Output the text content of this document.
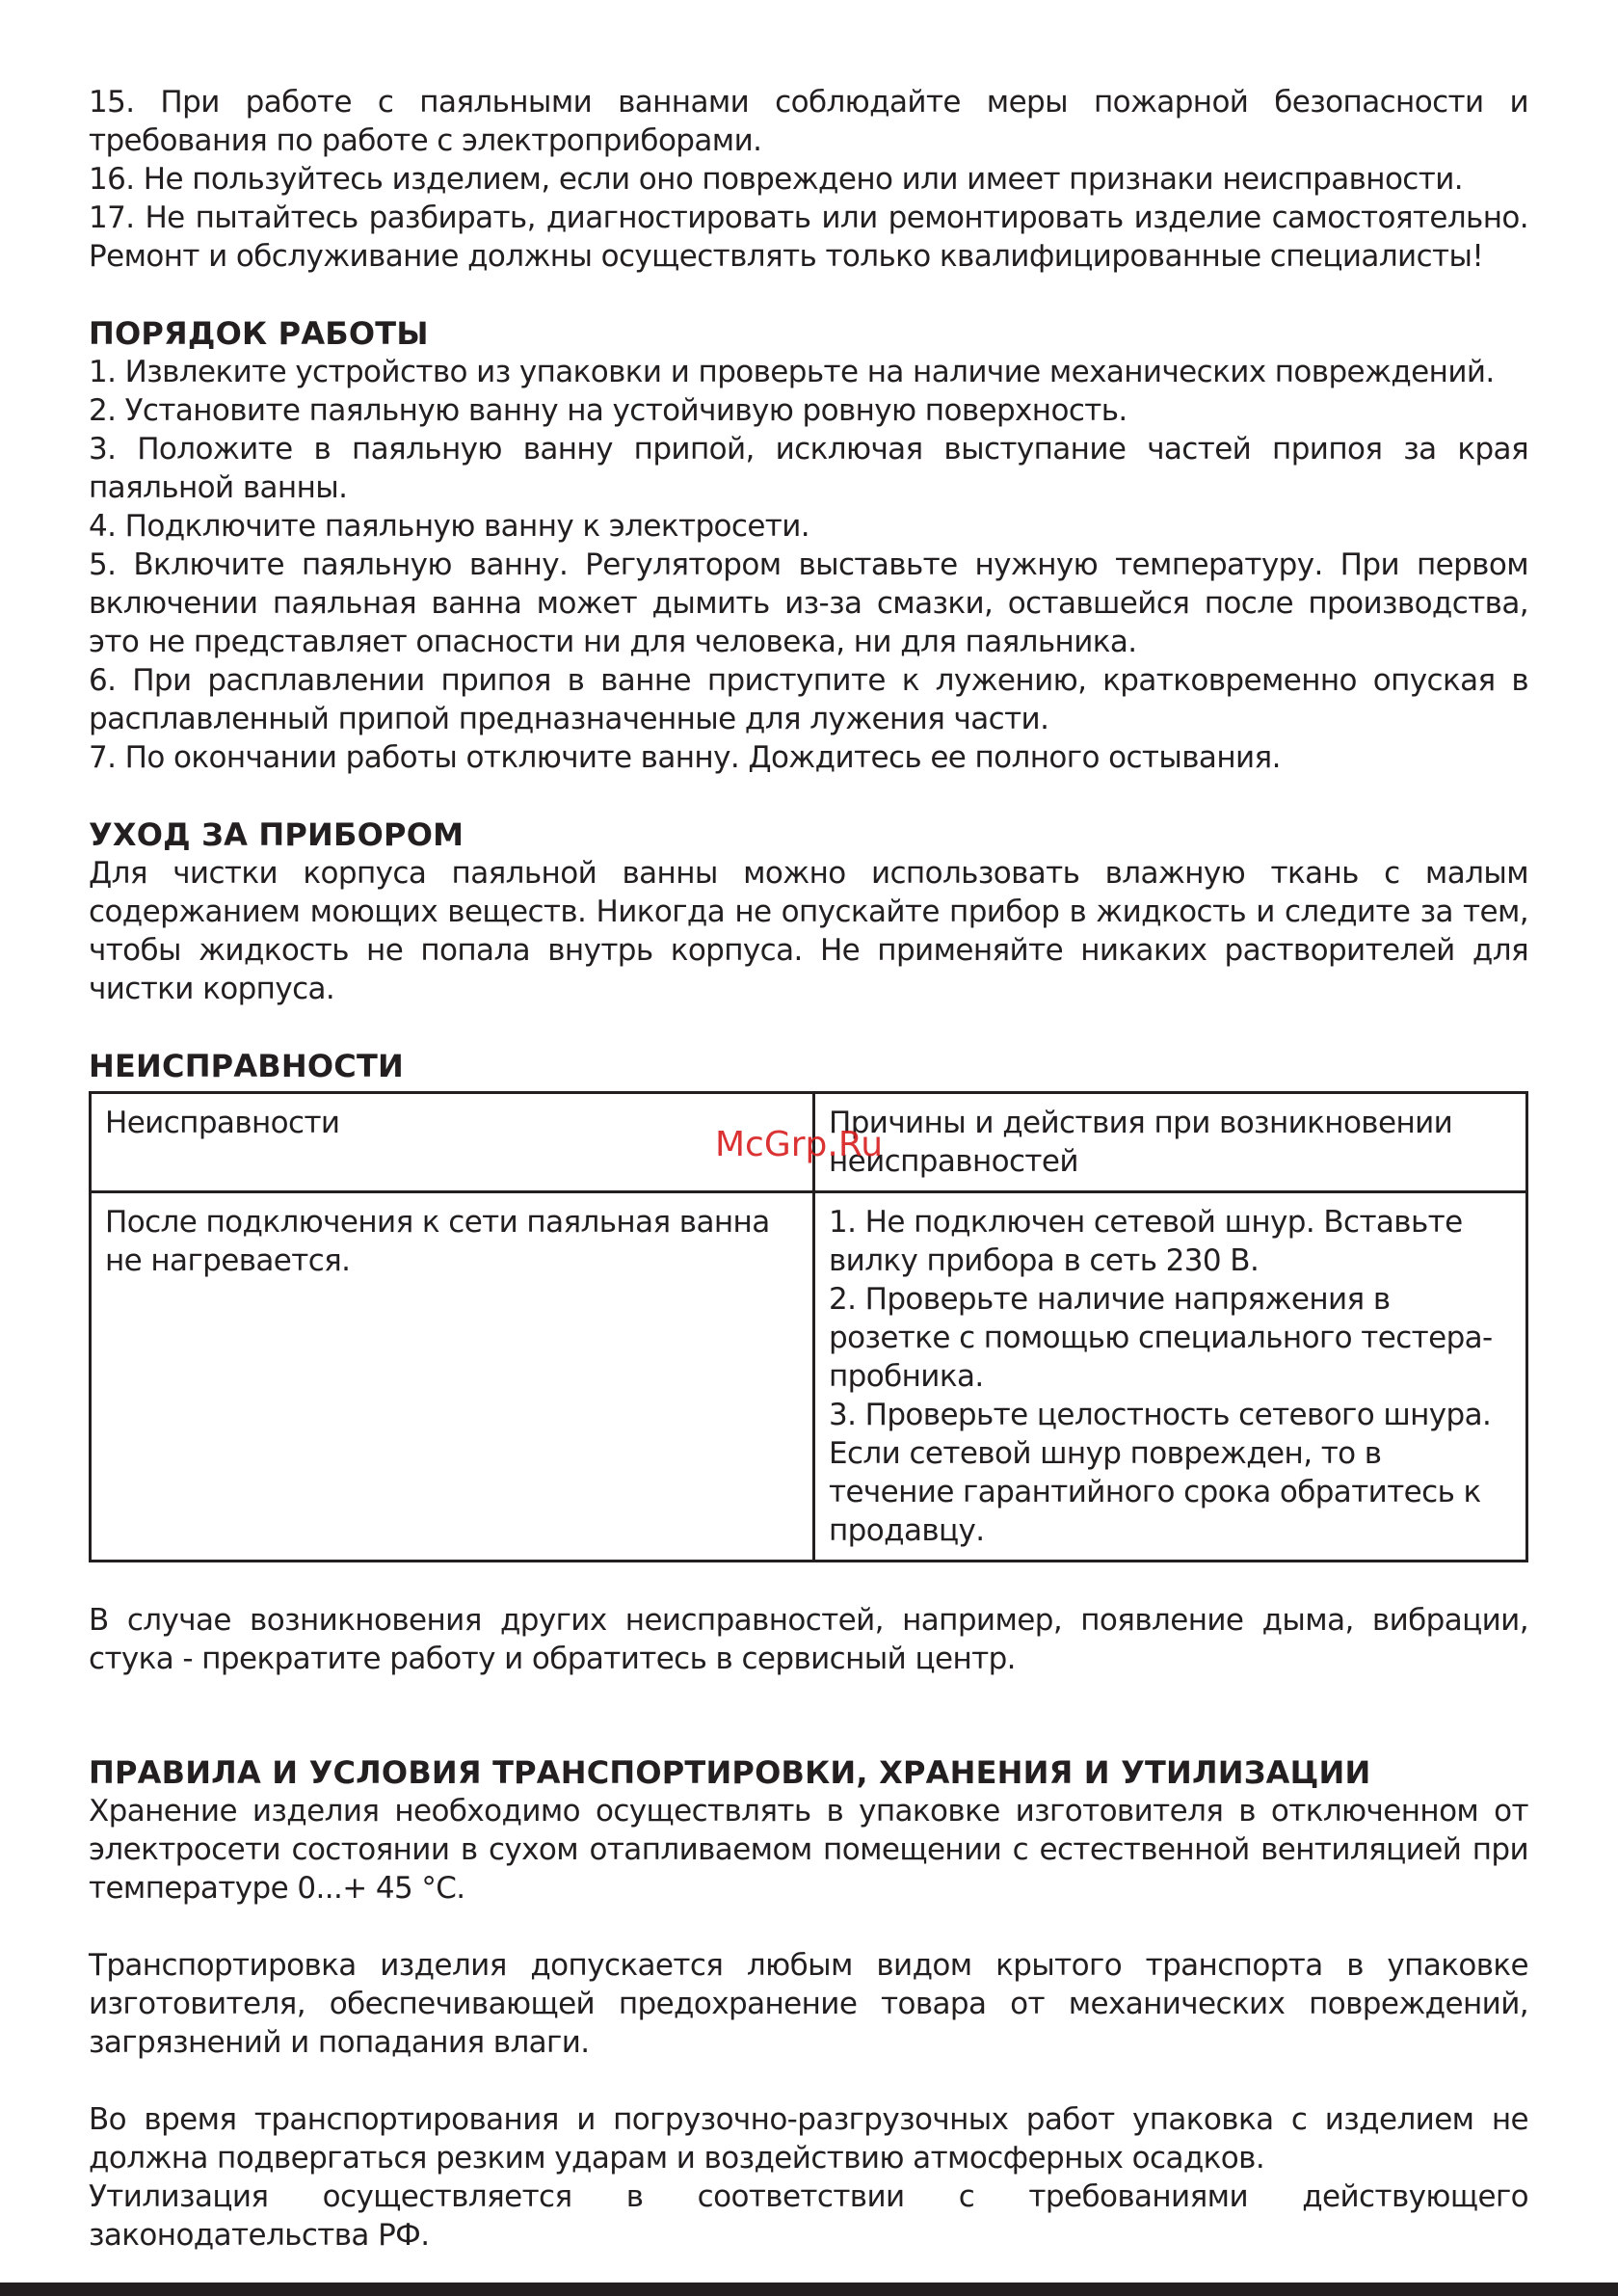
15. При работе с паяльными ваннами соблюдайте меры пожарной безопасности и требования по работе с электроприборами.

16. Не пользуйтесь изделием, если оно повреждено или имеет признаки неисправности.

17. Не пытайтесь разбирать, диагностировать или ремонтировать изделие самостоятельно. Ремонт и обслуживание должны осуществлять только квалифицированные специалисты!

ПОРЯДОК РАБОТЫ

1. Извлеките устройство из упаковки и проверьте на наличие механических повреждений.

2. Установите паяльную ванну на устойчивую ровную поверхность.

3. Положите в паяльную ванну припой, исключая выступание частей припоя за края паяльной ванны.

4. Подключите паяльную ванну к электросети.

5. Включите паяльную ванну. Регулятором выставьте нужную температуру. При первом включении паяльная ванна может дымить из-за смазки, оставшейся после производства, это не представляет опасности ни для человека, ни для паяльника.

6. При расплавлении припоя в ванне приступите к лужению, кратковременно опуская в расплавленный припой предназначенные для лужения части.

7. По окончании работы отключите ванну. Дождитесь ее полного остывания.

УХОД ЗА ПРИБОРОМ

Для чистки корпуса паяльной ванны можно использовать влажную ткань с малым содержанием моющих веществ. Никогда не опускайте прибор в жидкость и следите за тем, чтобы жидкость не попала внутрь корпуса. Не применяйте никаких растворителей для чистки корпуса.

НЕИСПРАВНОСТИ
Неисправности	Причины и действия при возникновении неисправностей
После подключения к сети паяльная ванна не нагревается.	1. Не подключен сетевой шнур. Вставьте вилку прибора в сеть 230 В.
2. Проверьте наличие напряжения в розетке с помощью специального тестера-пробника.
3. Проверьте целостность сетевого шнура. Если сетевой шнур поврежден, то в течение гарантийного срока обратитесь к продавцу.

В случае возникновения других неисправностей, например, появление дыма, вибрации, стука - прекратите работу и обратитесь в сервисный центр.

ПРАВИЛА И УСЛОВИЯ ТРАНСПОРТИРОВКИ, ХРАНЕНИЯ И УТИЛИЗАЦИИ

Хранение изделия необходимо осуществлять в упаковке изготовителя в отключенном от электросети состоянии в сухом отапливаемом помещении с естественной вентиляцией при температуре 0...+ 45 °С.

Транспортировка изделия допускается любым видом крытого транспорта в упаковке изготовителя, обеспечивающей предохранение товара от механических повреждений, загрязнений и попадания влаги.

Во время транспортирования и погрузочно-разгрузочных работ упаковка с изделием не должна подвергаться резким ударам и воздействию атмосферных осадков.

Утилизация осуществляется в соответствии с требованиями действующего законодательства РФ.

McGrp.Ru
